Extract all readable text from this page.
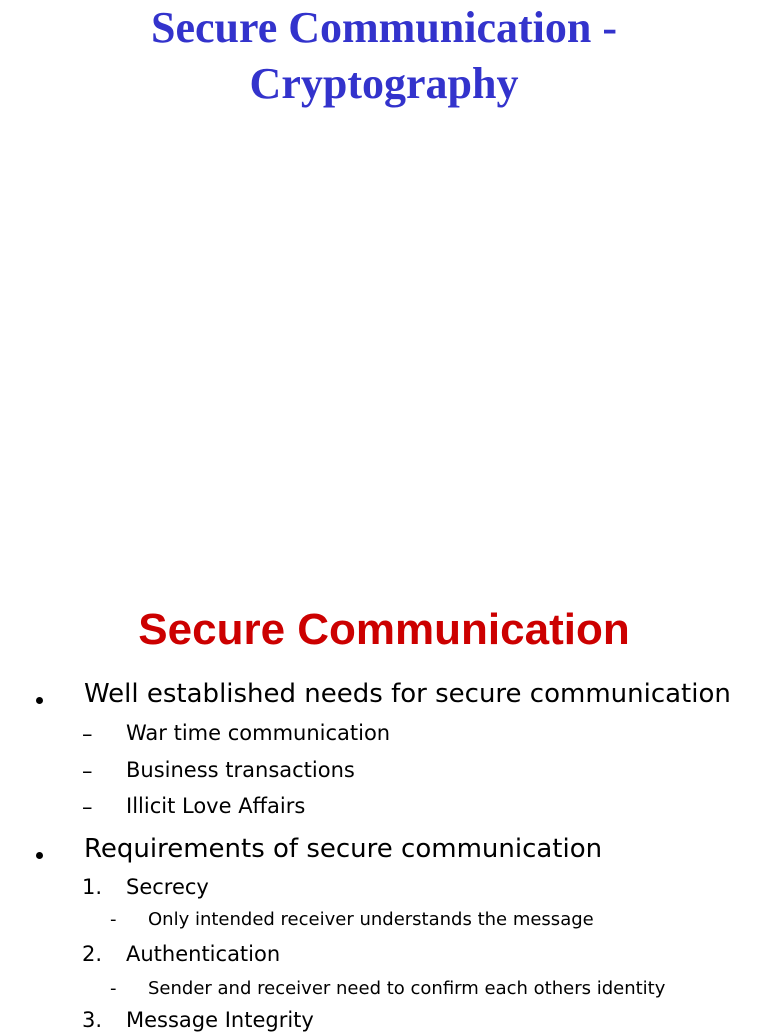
Secure Communication -
Cryptography
Secure Communication
Well established needs for secure communication
– War time communication
– Business transactions
– Illicit Love Affairs
Requirements of secure communication
1. Secrecy
- Only intended receiver understands the message
2. Authentication
- Sender and receiver need to confirm each others identity
3. Message Integrity
